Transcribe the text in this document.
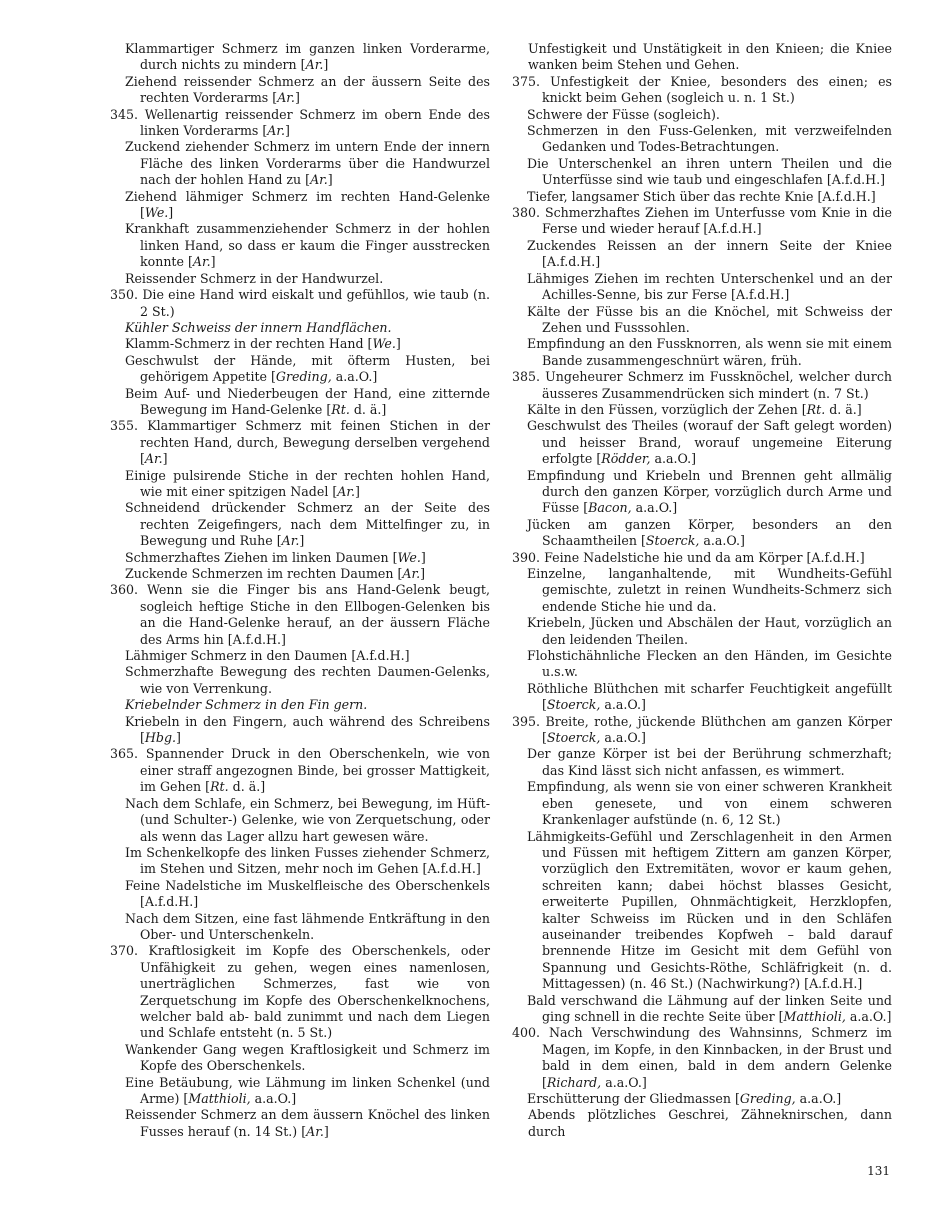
Klammartiger Schmerz im ganzen linken Vorderarme, durch nichts zu mindern [Ar.]

Ziehend reissender Schmerz an der äussern Seite des rechten Vorderarms [Ar.]

345. Wellenartig reissender Schmerz im obern Ende des linken Vorderarms [Ar.]

Zuckend ziehender Schmerz im untern Ende der innern Fläche des linken Vorderarms über die Handwurzel nach der hohlen Hand zu [Ar.]

Ziehend lähmiger Schmerz im rechten Hand-Gelenke [We.]

Krankhaft zusammenziehender Schmerz in der hohlen linken Hand, so dass er kaum die Finger ausstrecken konnte [Ar.]

Reissender Schmerz in der Handwurzel.

350. Die eine Hand wird eiskalt und gefühllos, wie taub (n. 2 St.)

Kühler Schweiss der innern Handflächen.

Klamm-Schmerz in der rechten Hand [We.]

Geschwulst der Hände, mit öfterm Husten, bei gehörigem Appetite [Greding, a.a.O.]

Beim Auf- und Niederbeugen der Hand, eine zitternde Bewegung im Hand-Gelenke [Rt. d. ä.]

355. Klammartiger Schmerz mit feinen Stichen in der rechten Hand, durch, Bewegung derselben vergehend [Ar.]

Einige pulsirende Stiche in der rechten hohlen Hand, wie mit einer spitzigen Nadel [Ar.]

Schneidend drückender Schmerz an der Seite des rechten Zeigefingers, nach dem Mittelfinger zu, in Bewegung und Ruhe [Ar.]

Schmerzhaftes Ziehen im linken Daumen [We.]

Zuckende Schmerzen im rechten Daumen [Ar.]

360. Wenn sie die Finger bis ans Hand-Gelenk beugt, sogleich heftige Stiche in den Ellbogen-Gelenken bis an die Hand-Gelenke herauf, an der äussern Fläche des Arms hin [A.f.d.H.]

Lähmiger Schmerz in den Daumen [A.f.d.H.]

Schmerzhafte Bewegung des rechten Daumen-Gelenks, wie von Verrenkung.

Kriebelnder Schmerz in den Fin gern.

Kriebeln in den Fingern, auch während des Schreibens [Hbg.]

365. Spannender Druck in den Oberschenkeln, wie von einer straff angezognen Binde, bei grosser Mattigkeit, im Gehen [Rt. d. ä.]

Nach dem Schlafe, ein Schmerz, bei Bewegung, im Hüft- (und Schulter-) Gelenke, wie von Zerquetschung, oder als wenn das Lager allzu hart gewesen wäre.

Im Schenkelkopfe des linken Fusses ziehender Schmerz, im Stehen und Sitzen, mehr noch im Gehen [A.f.d.H.]

Feine Nadelstiche im Muskelfleische des Oberschenkels [A.f.d.H.]

Nach dem Sitzen, eine fast lähmende Entkräftung in den Ober- und Unterschenkeln.

370. Kraftlosigkeit im Kopfe des Oberschenkels, oder Unfähigkeit zu gehen, wegen eines namenlosen, unerträglichen Schmerzes, fast wie von Zerquetschung im Kopfe des Oberschenkelknochens, welcher bald ab- bald zunimmt und nach dem Liegen und Schlafe entsteht (n. 5 St.)

Wankender Gang wegen Kraftlosigkeit und Schmerz im Kopfe des Oberschenkels.

Eine Betäubung, wie Lähmung im linken Schenkel (und Arme) [Matthioli, a.a.O.]

Reissender Schmerz an dem äussern Knöchel des linken Fusses herauf (n. 14 St.) [Ar.]

Unfestigkeit und Unstätigkeit in den Knieen; die Kniee wanken beim Stehen und Gehen.

375. Unfestigkeit der Kniee, besonders des einen; es knickt beim Gehen (sogleich u. n. 1 St.)

Schwere der Füsse (sogleich).

Schmerzen in den Fuss-Gelenken, mit verzweifelnden Gedanken und Todes-Betrachtungen.

Die Unterschenkel an ihren untern Theilen und die Unterfüsse sind wie taub und eingeschlafen [A.f.d.H.]

Tiefer, langsamer Stich über das rechte Knie [A.f.d.H.]

380. Schmerzhaftes Ziehen im Unterfusse vom Knie in die Ferse und wieder herauf [A.f.d.H.]

Zuckendes Reissen an der innern Seite der Kniee [A.f.d.H.]

Lähmiges Ziehen im rechten Unterschenkel und an der Achilles-Senne, bis zur Ferse [A.f.d.H.]

Kälte der Füsse bis an die Knöchel, mit Schweiss der Zehen und Fusssohlen.

Empfindung an den Fussknorren, als wenn sie mit einem Bande zusammengeschnürt wären, früh.

385. Ungeheurer Schmerz im Fussknöchel, welcher durch äusseres Zusammendrücken sich mindert (n. 7 St.)

Kälte in den Füssen, vorzüglich der Zehen [Rt. d. ä.]

Geschwulst des Theiles (worauf der Saft gelegt worden) und heisser Brand, worauf ungemeine Eiterung erfolgte [Rödder, a.a.O.]

Empfindung und Kriebeln und Brennen geht allmälig durch den ganzen Körper, vorzüglich durch Arme und Füsse [Bacon, a.a.O.]

Jücken am ganzen Körper, besonders an den Schaamtheilen [Stoerck, a.a.O.]

390. Feine Nadelstiche hie und da am Körper [A.f.d.H.]

Einzelne, langanhaltende, mit Wundheits-Gefühl gemischte, zuletzt in reinen Wundheits-Schmerz sich endende Stiche hie und da.

Kriebeln, Jücken und Abschälen der Haut, vorzüglich an den leidenden Theilen.

Flohstichähnliche Flecken an den Händen, im Gesichte u.s.w.

Röthliche Blüthchen mit scharfer Feuchtigkeit angefüllt [Stoerck, a.a.O.]

395. Breite, rothe, jückende Blüthchen am ganzen Körper [Stoerck, a.a.O.]

Der ganze Körper ist bei der Berührung schmerzhaft; das Kind lässt sich nicht anfassen, es wimmert.

Empfindung, als wenn sie von einer schweren Krankheit eben genesete, und von einem schweren Krankenlager aufstünde (n. 6, 12 St.)

Lähmigkeits-Gefühl und Zerschlagenheit in den Armen und Füssen mit heftigem Zittern am ganzen Körper, vorzüglich den Extremitäten, wovor er kaum gehen, schreiten kann; dabei höchst blasses Gesicht, erweiterte Pupillen, Ohnmächtigkeit, Herzklopfen, kalter Schweiss im Rücken und in den Schläfen auseinander treibendes Kopfweh – bald darauf brennende Hitze im Gesicht mit dem Gefühl von Spannung und Gesichts-Röthe, Schläfrigkeit (n. d. Mittagessen) (n. 46 St.) (Nachwirkung?) [A.f.d.H.]

Bald verschwand die Lähmung auf der linken Seite und ging schnell in die rechte Seite über [Matthioli, a.a.O.]

400. Nach Verschwindung des Wahnsinns, Schmerz im Magen, im Kopfe, in den Kinnbacken, in der Brust und bald in dem einen, bald in dem andern Gelenke [Richard, a.a.O.]

Erschütterung der Gliedmassen [Greding, a.a.O.]

Abends plötzliches Geschrei, Zähneknirschen, dann durch

131
